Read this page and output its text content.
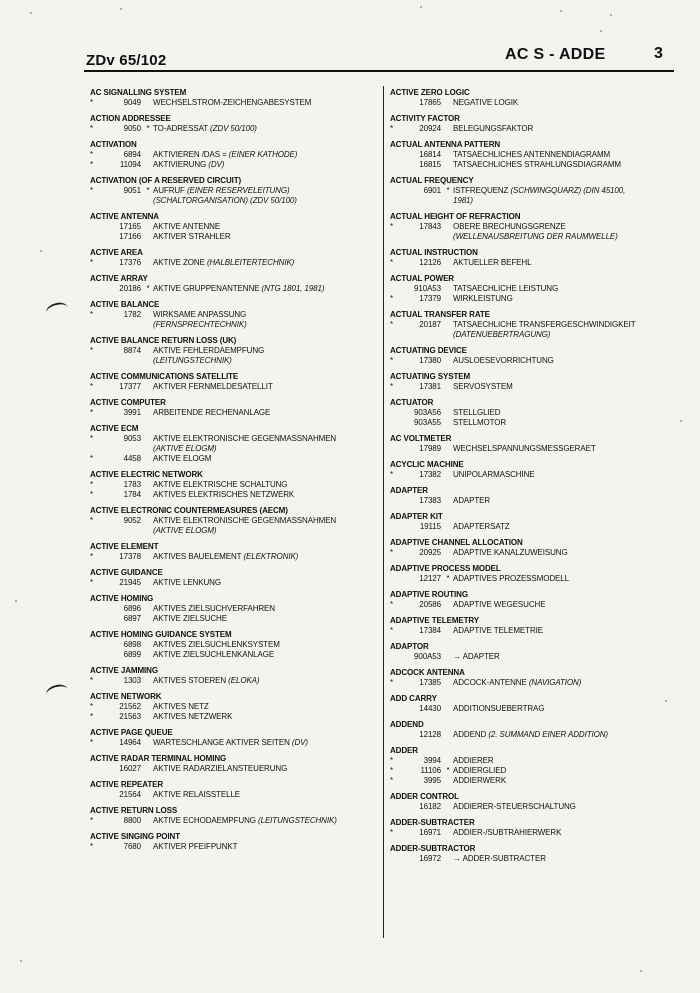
ZDv 65/102	AC S - ADDE	3
AC SIGNALLING SYSTEM
*	9049 WECHSELSTROM-ZEICHENGABESYSTEM
ACTION ADDRESSEE
*	9050 * TO-ADRESSAT (ZDV 50/100)
ACTIVATION
*	6894 AKTIVIEREN /DAS = (EINER KATHODE)
*	11094 AKTIVIERUNG (DV)
ACTIVATION (OF A RESERVED CIRCUIT)
*	9051 * AUFRUF (EINER RESERVELEITUNG)
(SCHALTORGANISATION) (ZDV 50/100)
ACTIVE ANTENNA
17165 AKTIVE ANTENNE
17166 AKTIVER STRAHLER
ACTIVE AREA
*	17376 AKTIVE ZONE (HALBLEITERTECHNIK)
ACTIVE ARRAY
20186 * AKTIVE GRUPPENANTENNE (NTG 1801, 1981)
ACTIVE BALANCE
*	1782 WIRKSAME ANPASSUNG
(FERNSPRECHTECHNIK)
ACTIVE BALANCE RETURN LOSS (UK)
*	8874 AKTIVE FEHLERDAEMPFUNG
(LEITUNGSTECHNIK)
ACTIVE COMMUNICATIONS SATELLITE
*	17377 AKTIVER FERNMELDESATELLIT
ACTIVE COMPUTER
*	3991 ARBEITENDE RECHENANLAGE
ACTIVE ECM
*	9053 AKTIVE ELEKTRONISCHE GEGENMASSNAHMEN
(AKTIVE ELOGM)
*	4458 AKTIVE ELOGM
ACTIVE ELECTRIC NETWORK
*	1783 AKTIVE ELEKTRISCHE SCHALTUNG
*	1784 AKTIVES ELEKTRISCHES NETZWERK
ACTIVE ELECTRONIC COUNTERMEASURES (AECM)
*	9052 AKTIVE ELEKTRONISCHE GEGENMASSNAHMEN
(AKTIVE ELOGM)
ACTIVE ELEMENT
*	17378 AKTIVES BAUELEMENT (ELEKTRONIK)
ACTIVE GUIDANCE
*	21945 AKTIVE LENKUNG
ACTIVE HOMING
6896 AKTIVES ZIELSUCHVERFAHREN
6897 AKTIVE ZIELSUCHE
ACTIVE HOMING GUIDANCE SYSTEM
6898 AKTIVES ZIELSUCHLENKSYSTEM
6899 AKTIVE ZIELSUCHLENKANLAGE
ACTIVE JAMMING
*	1303 AKTIVES STOEREN (ELOKA)
ACTIVE NETWORK
*	21562 AKTIVES NETZ
*	21563 AKTIVES NETZWERK
ACTIVE PAGE QUEUE
*	14964 WARTESCHLANGE AKTIVER SEITEN (DV)
ACTIVE RADAR TERMINAL HOMING
16027 AKTIVE RADARZIELANSTEUERUNG
ACTIVE REPEATER
21564 AKTIVE RELAISSTELLE
ACTIVE RETURN LOSS
*	8800 AKTIVE ECHODAEMPFUNG (LEITUNGSTECHNIK)
ACTIVE SINGING POINT
*	7680 AKTIVER PFEIFPUNKT
ACTIVE ZERO LOGIC
17865 NEGATIVE LOGIK
ACTIVITY FACTOR
*	20924 BELEGUNGSFAKTOR
ACTUAL ANTENNA PATTERN
16814 TATSAECHLICHES ANTENNENDIAGRAMM
16815 TATSAECHLICHES STRAHLUNGSDIAGRAMM
ACTUAL FREQUENCY
6901 * ISTFREQUENZ (SCHWINGQUARZ) (DIN 45100,
1981)
ACTUAL HEIGHT OF REFRACTION
*	17843 OBERE BRECHUNGSGRENZE
(WELLENAUSBREITUNG DER RAUMWELLE)
ACTUAL INSTRUCTION
*	12126 AKTUELLER BEFEHL
ACTUAL POWER
910A53 TATSAECHLICHE LEISTUNG
*	17379 WIRKLEISTUNG
ACTUAL TRANSFER RATE
*	20187 TATSAECHLICHE TRANSFERGESCHWINDIGKEIT
(DATENUEBERTRAGUNG)
ACTUATING DEVICE
*	17380 AUSLOESEVORRICHTUNG
ACTUATING SYSTEM
*	17381 SERVOSYSTEM
ACTUATOR
903A56 STELLGLIED
903A55 STELLMOTOR
AC VOLTMETER
17989 WECHSELSPANNUNGSMESSGERAET
ACYCLIC MACHINE
*	17382 UNIPOLARMASCHINE
ADAPTER
17383 ADAPTER
ADAPTER KIT
19115 ADAPTERSATZ
ADAPTIVE CHANNEL ALLOCATION
*	20925 ADAPTIVE KANALZUWEISUNG
ADAPTIVE PROCESS MODEL
12127 * ADAPTIVES PROZESSMODELL
ADAPTIVE ROUTING
*	20586 ADAPTIVE WEGESUCHE
ADAPTIVE TELEMETRY
*	17384 ADAPTIVE TELEMETRIE
ADAPTOR
900A53 → ADAPTER
ADCOCK ANTENNA
*	17385 ADCOCK-ANTENNE (NAVIGATION)
ADD CARRY
14430 ADDITIONSUEBERTRAG
ADDEND
12128 ADDEND (2. SUMMAND EINER ADDITION)
ADDER
*	3994 ADDIERER
*	11106 * ADDIERGLIED
*	3995 ADDIERWERK
ADDER CONTROL
16182 ADDIERER-STEUERSCHALTUNG
ADDER-SUBTRACTER
*	16971 ADDIER-/SUBTRAHIERWERK
ADDER-SUBTRACTOR
16972 → ADDER-SUBTRACTER
